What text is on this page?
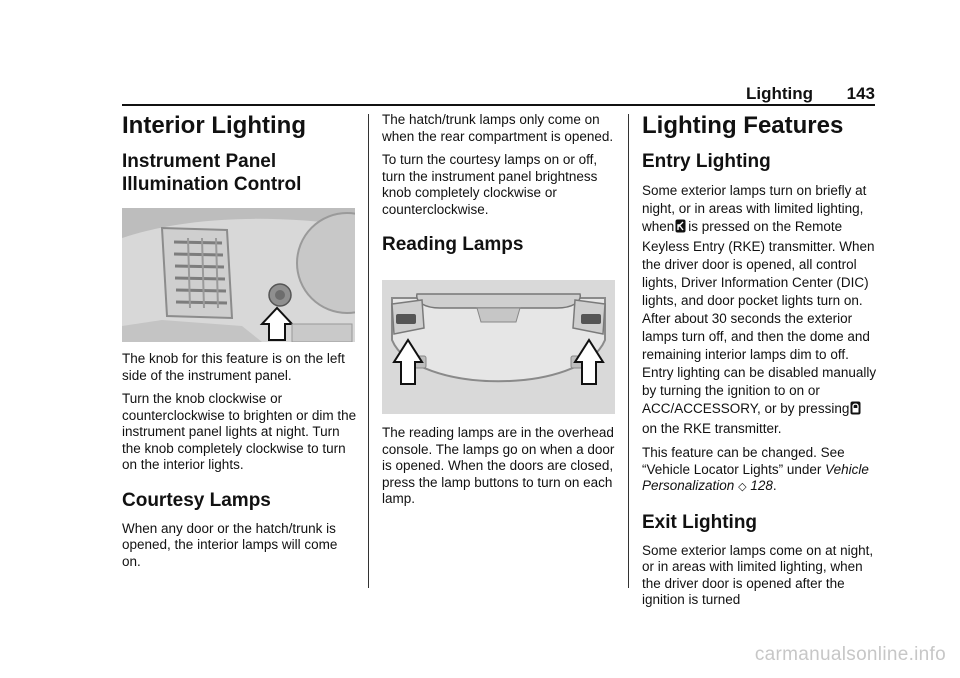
Lighting 143
Interior Lighting
Instrument Panel Illumination Control

The knob for this feature is on the left side of the instrument panel.

Turn the knob clockwise or counterclockwise to brighten or dim the instrument panel lights at night. Turn the knob completely clockwise to turn on the interior lights.

Courtesy Lamps

When any door or the hatch/trunk is opened, the interior lamps will come on.

The hatch/trunk lamps only come on when the rear compartment is opened.

To turn the courtesy lamps on or off, turn the instrument panel brightness knob completely clockwise or counterclockwise.

Reading Lamps

The reading lamps are in the overhead console. The lamps go on when a door is opened. When the doors are closed, press the lamp buttons to turn on each lamp.

Lighting Features
Entry Lighting

Some exterior lamps turn on briefly at night, or in areas with limited lighting, when is pressed on the Remote Keyless Entry (RKE) transmitter. When the driver door is opened, all control lights, Driver Information Center (DIC) lights, and door pocket lights turn on. After about 30 seconds the exterior lamps turn off, and then the dome and remaining interior lamps dim to off. Entry lighting can be disabled manually by turning the ignition to on or ACC/ACCESSORY, or by pressingon the RKE transmitter.

This feature can be changed. See “Vehicle Locator Lights” under Vehicle Personalization ◇ 128.

Exit Lighting

Some exterior lamps come on at night, or in areas with limited lighting, when the driver door is opened after the ignition is turned

carmanualsonline.info
